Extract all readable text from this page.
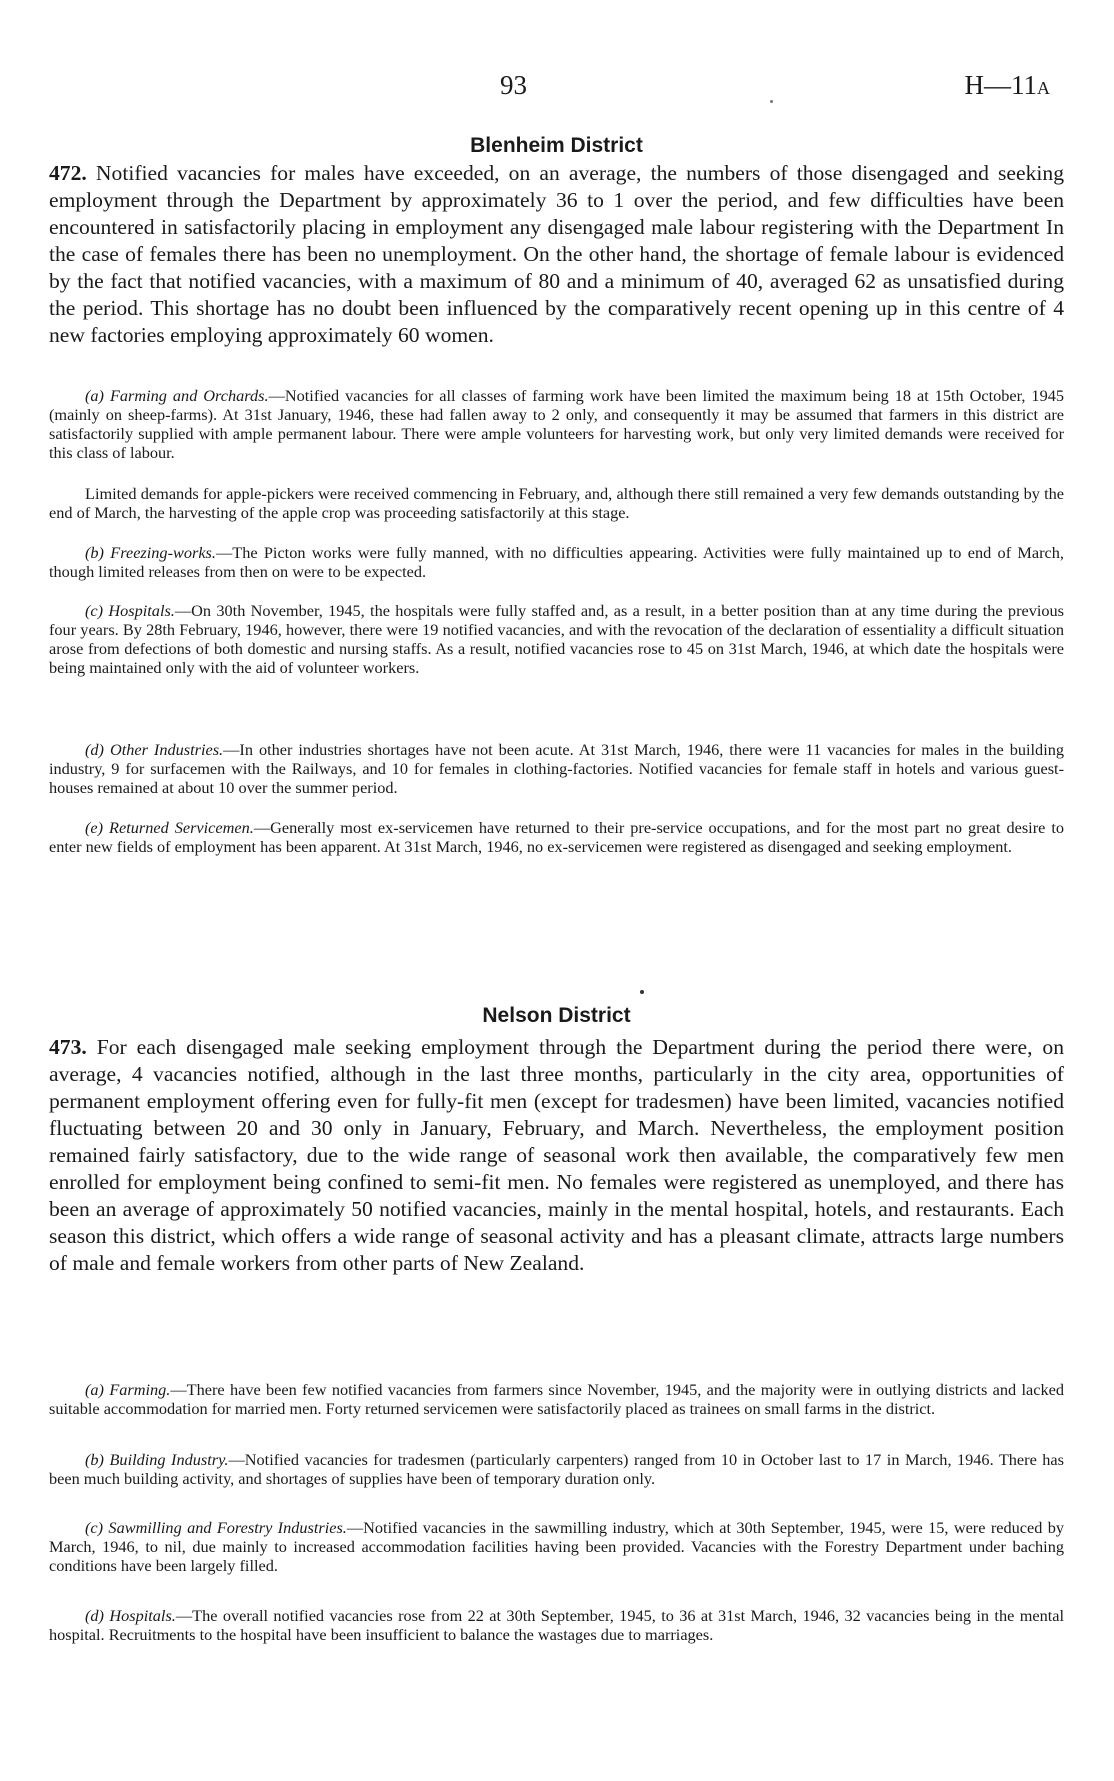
93	H—11A
Blenheim District

472. Notified vacancies for males have exceeded, on an average, the numbers of those disengaged and seeking employment through the Department by approximately 36 to 1 over the period, and few difficulties have been encountered in satisfactorily placing in employment any disengaged male labour registering with the Department In the case of females there has been no unemployment. On the other hand, the shortage of female labour is evidenced by the fact that notified vacancies, with a maximum of 80 and a minimum of 40, averaged 62 as unsatisfied during the period. This shortage has no doubt been influenced by the comparatively recent opening up in this centre of 4 new factories employing approximately 60 women.

(a) Farming and Orchards.—Notified vacancies for all classes of farming work have been limited the maximum being 18 at 15th October, 1945 (mainly on sheep-farms). At 31st January, 1946, these had fallen away to 2 only, and consequently it may be assumed that farmers in this district are satisfactorily supplied with ample permanent labour. There were ample volunteers for harvesting work, but only very limited demands were received for this class of labour.

Limited demands for apple-pickers were received commencing in February, and, although there still remained a very few demands outstanding by the end of March, the harvesting of the apple crop was proceeding satisfactorily at this stage.

(b) Freezing-works.—The Picton works were fully manned, with no difficulties appearing. Activities were fully maintained up to end of March, though limited releases from then on were to be expected.

(c) Hospitals.—On 30th November, 1945, the hospitals were fully staffed and, as a result, in a better position than at any time during the previous four years. By 28th February, 1946, however, there were 19 notified vacancies, and with the revocation of the declaration of essentiality a difficult situation arose from defections of both domestic and nursing staffs. As a result, notified vacancies rose to 45 on 31st March, 1946, at which date the hospitals were being maintained only with the aid of volunteer workers.

(d) Other Industries.—In other industries shortages have not been acute. At 31st March, 1946, there were 11 vacancies for males in the building industry, 9 for surfacemen with the Railways, and 10 for females in clothing-factories. Notified vacancies for female staff in hotels and various guest-houses remained at about 10 over the summer period.

(e) Returned Servicemen.—Generally most ex-servicemen have returned to their pre-service occupations, and for the most part no great desire to enter new fields of employment has been apparent. At 31st March, 1946, no ex-servicemen were registered as disengaged and seeking employment.

Nelson District

473. For each disengaged male seeking employment through the Department during the period there were, on average, 4 vacancies notified, although in the last three months, particularly in the city area, opportunities of permanent employment offering even for fully-fit men (except for tradesmen) have been limited, vacancies notified fluctuating between 20 and 30 only in January, February, and March. Nevertheless, the employment position remained fairly satisfactory, due to the wide range of seasonal work then available, the comparatively few men enrolled for employment being confined to semi-fit men. No females were registered as unemployed, and there has been an average of approximately 50 notified vacancies, mainly in the mental hospital, hotels, and restaurants. Each season this district, which offers a wide range of seasonal activity and has a pleasant climate, attracts large numbers of male and female workers from other parts of New Zealand.

(a) Farming.—There have been few notified vacancies from farmers since November, 1945, and the majority were in outlying districts and lacked suitable accommodation for married men. Forty returned servicemen were satisfactorily placed as trainees on small farms in the district.

(b) Building Industry.—Notified vacancies for tradesmen (particularly carpenters) ranged from 10 in October last to 17 in March, 1946. There has been much building activity, and shortages of supplies have been of temporary duration only.

(c) Sawmilling and Forestry Industries.—Notified vacancies in the sawmilling industry, which at 30th September, 1945, were 15, were reduced by March, 1946, to nil, due mainly to increased accommodation facilities having been provided. Vacancies with the Forestry Department under baching conditions have been largely filled.

(d) Hospitals.—The overall notified vacancies rose from 22 at 30th September, 1945, to 36 at 31st March, 1946, 32 vacancies being in the mental hospital. Recruitments to the hospital have been insufficient to balance the wastages due to marriages.
